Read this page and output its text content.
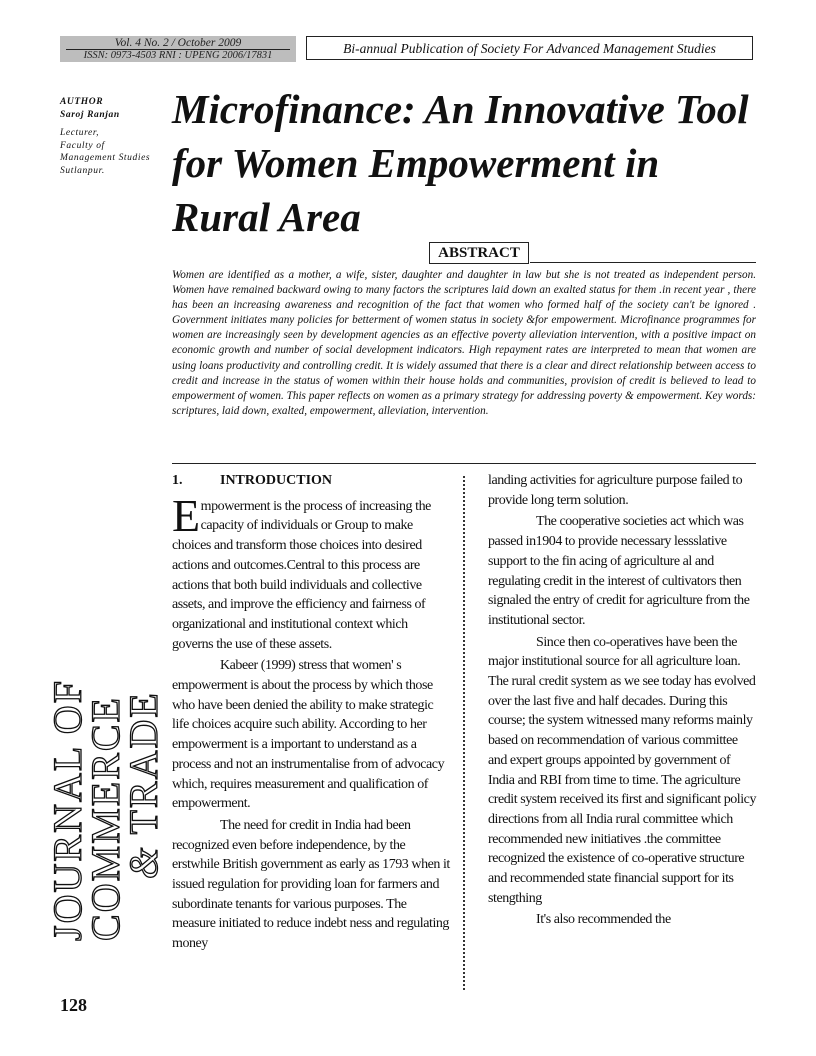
Vol. 4 No. 2 / October 2009
ISSN: 0973-4503 RNI : UPENG 2006/17831	Bi-annual Publication of Society For Advanced Management Studies
AUTHOR
Saroj Ranjan
Lecturer,
Faculty of
Management Studies
Sutlanpur.
Microfinance: An Innovative Tool for Women Empowerment in Rural Area
ABSTRACT

Women are identified as a mother, a wife, sister, daughter and daughter in law but she is not treated as independent person. Women have remained backward owing to many factors the scriptures laid down an exalted status for them .in recent year , there has been an increasing awareness and recognition of the fact that women who formed half of the society can't be ignored . Government initiates many policies for betterment of women status in society &for empowerment. Microfinance programmes for women are increasingly seen by development agencies as an effective poverty alleviation intervention, with a positive impact on economic growth and number of social development indicators. High repayment rates are interpreted to mean that women are using loans productivity and controlling credit. It is widely assumed that there is a clear and direct relationship between access to credit and increase in the status of women within their house holds and communities, provision of credit is believed to lead to empowerment of women. This paper reflects on women as a primary strategy for addressing poverty & empowerment. Key words: scriptures, laid down, exalted, empowerment, alleviation, intervention.

1.	INTRODUCTION

Empowerment is the process of increasing the capacity of individuals or Group to make choices and transform those choices into desired actions and outcomes.Central to this process are actions that both build individuals and collective assets, and improve the efficiency and fairness of organizational and institutional context which governs the use of these assets.

Kabeer (1999) stress that women' s empowerment is about the process by which those who have been denied the ability to make strategic life choices acquire such ability. According to her empowerment is a important to understand as a process and not an instrumentalise from of advocacy which, requires measurement and qualification of empowerment.

The need for credit in India had been recognized even before independence, by the erstwhile British government as early as 1793 when it issued regulation for providing loan for farmers and subordinate tenants for various purposes. The measure initiated to reduce indebt ness and regulating money

landing activities for agriculture purpose failed to provide long term solution.

The cooperative societies act which was passed in1904 to provide necessary lessslative support to the fin acing of agriculture al and regulating credit in the interest of cultivators then signaled the entry of credit for agriculture from the institutional sector.

Since then co-operatives have been the major institutional source for all agriculture loan. The rural credit system as we see today has evolved over the last five and half decades. During this course; the system witnessed many reforms mainly based on recommendation of various committee and expert groups appointed by government of India and RBI from time to time. The agriculture credit system received its first and significant policy directions from all India rural committee which recommended new initiatives .the committee recognized the existence of co-operative structure and recommended state financial support for its stengthing

It's also recommended the

JOURNAL OF
COMMERCE
& TRADE
128
